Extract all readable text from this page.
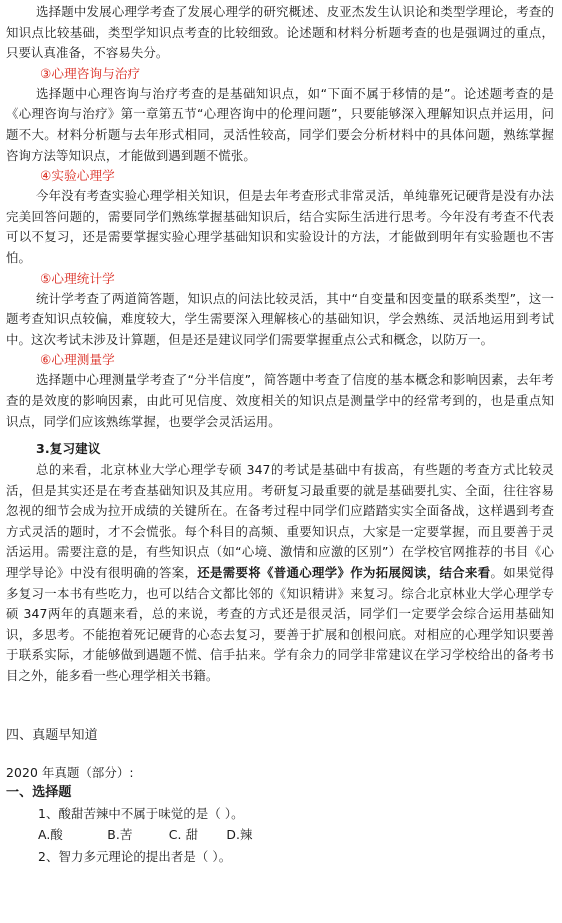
选择题中发展心理学考查了发展心理学的研究概述、皮亚杰发生认识论和类型学理论，考查的知识点比较基础，类型学知识点考查的比较细致。论述题和材料分析题考查的也是强调过的重点，只要认真准备，不容易失分。

③心理咨询与治疗

选择题中心理咨询与治疗考查的是基础知识点，如“下面不属于移情的是”。论述题考查的是《心理咨询与治疗》第一章第五节“心理咨询中的伦理问题”，只要能够深入理解知识点并运用，问题不大。材料分析题与去年形式相同，灵活性较高，同学们要会分析材料中的具体问题，熟练掌握咨询方法等知识点，才能做到遇到题不慌张。

④实验心理学

今年没有考查实验心理学相关知识，但是去年考查形式非常灵活，单纯靠死记硬背是没有办法完美回答问题的，需要同学们熟练掌握基础知识后，结合实际生活进行思考。今年没有考查不代表可以不复习，还是需要掌握实验心理学基础知识和实验设计的方法，才能做到明年有实验题也不害怕。

⑤心理统计学

统计学考查了两道简答题，知识点的问法比较灵活，其中“自变量和因变量的联系类型”，这一题考查知识点较偏，难度较大，学生需要深入理解核心的基础知识，学会熟练、灵活地运用到考试中。这次考试未涉及计算题，但是还是建议同学们需要掌握重点公式和概念，以防万一。

⑥心理测量学

选择题中心理测量学考查了“分半信度”，简答题中考查了信度的基本概念和影响因素，去年考查的是效度的影响因素，由此可见信度、效度相关的知识点是测量学中的经常考到的，也是重点知识点，同学们应该熟练掌握，也要学会灵活运用。

3.复习建议

总的来看，北京林业大学心理学专硕 347的考试是基础中有拔高，有些题的考查方式比较灵活，但是其实还是在考查基础知识及其应用。考研复习最重要的就是基础要扎实、全面，往往容易忽视的细节会成为拉开成绩的关键所在。在备考过程中同学们应踏踏实实全面备战，这样遇到考查方式灵活的题时，才不会慌张。每个科目的高频、重要知识点，大家是一定要掌握，而且要善于灵活运用。需要注意的是，有些知识点（如“心境、激情和应激的区别”）在学校官网推荐的书目《心理学导论》中没有很明确的答案，还是需要将《普通心理学》作为拓展阅读，结合来看。如果觉得多复习一本书有些吃力，也可以结合文都比邻的《知识精讲》来复习。综合北京林业大学心理学专硕 347两年的真题来看，总的来说，考查的方式还是很灵活，同学们一定要学会综合运用基础知识，多思考。不能抱着死记硬背的心态去复习，要善于扩展和创根问底。对相应的心理学知识要善于联系实际，才能够做到遇题不慌、信手拈来。学有余力的同学非常建议在学习学校给出的备考书目之外，能多看一些心理学相关书籍。

四、真题早知道

2020 年真题（部分）:

一、选择题

1、酸甜苦辣中不属于味觉的是（ ）。

A.酸           B.苦         C. 甜       D.辣

2、智力多元理论的提出者是（ ）。
